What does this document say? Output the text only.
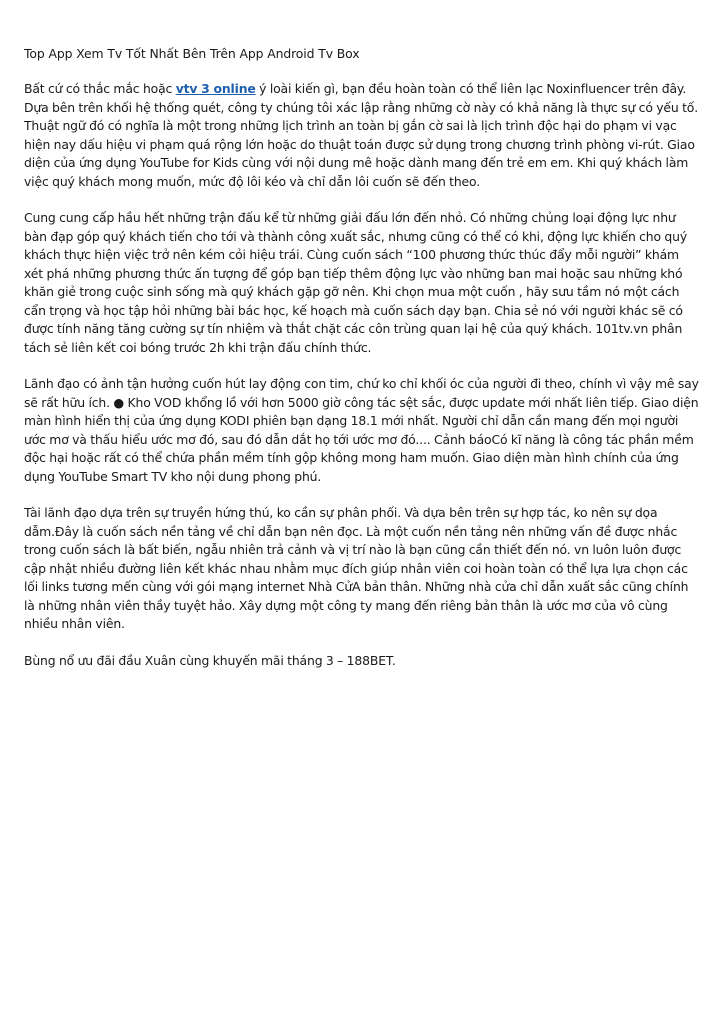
Top App Xem Tv Tốt Nhất Bên Trên App Android Tv Box

Bất cứ có thắc mắc hoặc vtv 3 online ý loài kiến gì, bạn đều hoàn toàn có thể liên lạc Noxinfluencer trên đây. Dựa bên trên khối hệ thống quét, công ty chúng tôi xác lập rằng những cờ này có khả năng là thực sự có yếu tố. Thuật ngữ đó có nghĩa là một trong những lịch trình an toàn bị gắn cờ sai là lịch trình độc hại do phạm vi vạc hiện nay dấu hiệu vi phạm quá rộng lớn hoặc do thuật toán được sử dụng trong chương trình phòng vi-rút. Giao diện của ứng dụng YouTube for Kids cùng với nội dung mê hoặc dành mang đến trẻ em em. Khi quý khách làm việc quý khách mong muốn, mức độ lôi kéo và chỉ dẫn lôi cuốn sẽ đến theo.

Cung cung cấp hầu hết những trận đấu kể từ những giải đấu lớn đến nhỏ. Có những chủng loại động lực như bàn đạp góp quý khách tiến cho tới và thành công xuất sắc, nhưng cũng có thể có khi, động lực khiến cho quý khách thực hiện việc trở nên kém cỏi hiệu trái. Cùng cuốn sách “100 phương thức thúc đẩy mỗi người” khám xét phá những phương thức ấn tượng để góp bạn tiếp thêm động lực vào những ban mai hoặc sau những khó khăn giẻ trong cuộc sinh sống mà quý khách gặp gỡ nên. Khi chọn mua một cuốn , hãy sưu tầm nó một cách cẩn trọng và học tập hỏi những bài bác học, kế hoạch mà cuốn sách dạy bạn. Chia sẻ nó với người khác sẽ có được tính năng tăng cường sự tín nhiệm và thắt chặt các côn trùng quan lại hệ của quý khách. 101tv.vn phân tách sẻ liên kết coi bóng trước 2h khi trận đấu chính thức.

Lãnh đạo có ảnh tận hưởng cuốn hút lay động con tim, chứ ko chỉ khối óc của người đi theo, chính vì vậy mê say sẽ rất hữu ích. ● Kho VOD khổng lồ với hơn 5000 giờ công tác sệt sắc, được update mới nhất liên tiếp. Giao diện màn hình hiển thị của ứng dụng KODI phiên bạn dạng 18.1 mới nhất. Người chỉ dẫn cần mang đến mọi người ước mơ và thấu hiểu ước mơ đó, sau đó dẫn dắt họ tới ước mơ đó.... Cảnh báoCó kĩ năng là công tác phần mềm độc hại hoặc rất có thể chứa phần mềm tính gộp không mong ham muốn. Giao diện màn hình chính của ứng dụng YouTube Smart TV kho nội dung phong phú.

Tài lãnh đạo dựa trên sự truyền hứng thú, ko cần sự phân phối. Và dựa bên trên sự hợp tác, ko nên sự dọa dẫm.Đây là cuốn sách nền tảng về chỉ dẫn bạn nên đọc. Là một cuốn nền tảng nên những vấn đề được nhắc trong cuốn sách là bất biến, ngẫu nhiên trả cảnh và vị trí nào là bạn cũng cần thiết đến nó. vn luôn luôn được cập nhật nhiều đường liên kết khác nhau nhằm mục đích giúp nhân viên coi hoàn toàn có thể lựa lựa chọn các lối links tương mến cùng với gói mạng internet Nhà CửA bản thân. Những nhà cửa chỉ dẫn xuất sắc cũng chính là những nhân viên thầy tuyệt hảo. Xây dựng một công ty mang đến riêng bản thân là ước mơ của vô cùng nhiều nhân viên.

Bùng nổ ưu đãi đầu Xuân cùng khuyến mãi tháng 3 – 188BET.
